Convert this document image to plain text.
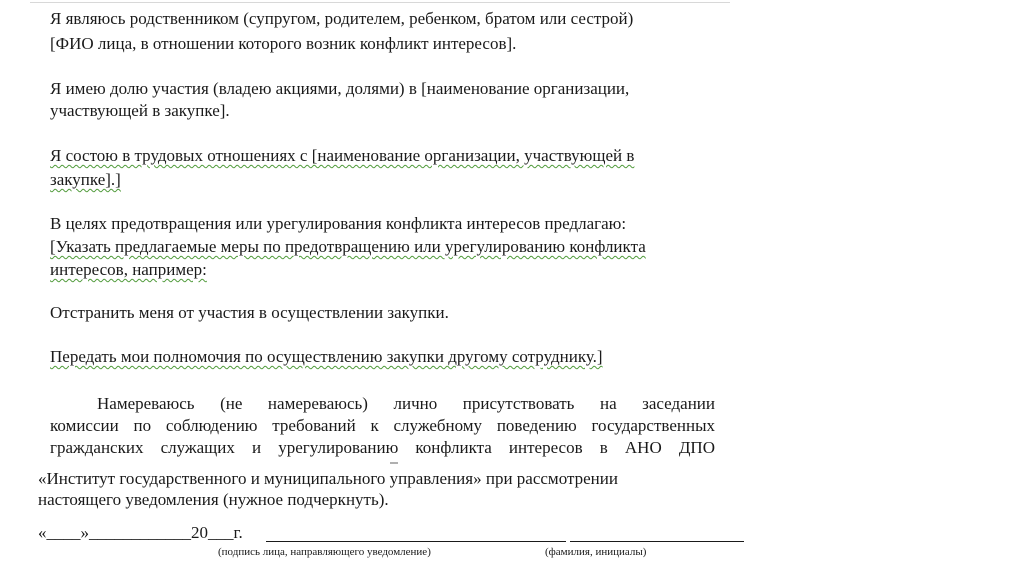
Я являюсь родственником (супругом, родителем, ребенком, братом или сестрой)
[ФИО лица, в отношении которого возник конфликт интересов].
Я имею долю участия (владею акциями, долями) в [наименование организации,
участвующей в закупке].
Я состою в трудовых отношениях с [наименование организации, участвующей в
закупке].]
В целях предотвращения или урегулирования конфликта интересов предлагаю:
[Указать предлагаемые меры по предотвращению или урегулированию конфликта
интересов, например:
Отстранить меня от участия в осуществлении закупки.
Передать мои полномочия по осуществлению закупки другому сотруднику.]
Намереваюсь (не намереваюсь) лично присутствовать на заседании
комиссии по соблюдению требований к служебному поведению государственных
гражданских служащих и урегулированию конфликта интересов в АНО ДПО
«Институт государственного и муниципального управления» при рассмотрении
настоящего уведомления (нужное подчеркнуть).
«____»____________20___г.
(подпись лица, направляющего уведомление)	(фамилия, инициалы)
